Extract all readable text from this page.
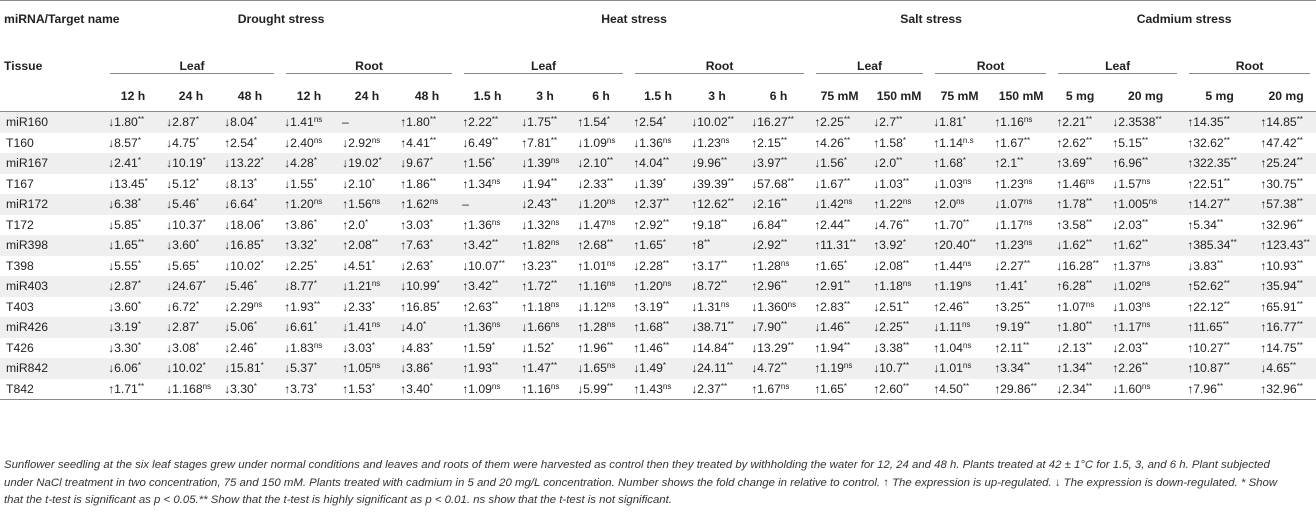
miRNA/Target name	Drought stress						Heat stress						Salt stress				Cadmium stress			
Tissue	Leaf			Root			Leaf			Root			Leaf		Root		Leaf		Root	

	12 h	24 h	48 h	12 h	24 h	48 h	1.5 h	3 h	6 h	1.5 h	3 h	6 h	75 mM	150 mM	75 mM	150 mM	5 mg	20 mg	5 mg	20 mg
miR160	↓1.80**	↓2.87*	↓8.04*	$↓1.41^{ns}$	–	↑1.80**	↑2.22**	↓1.75**	↑1.54*	↑2.54*	↓10.02**	↓16.27**	↑2.25**	↓2.7**	↓1.81*	$↑1.16^{ns}$	↑2.21**	↓2.3538**	↑14.35**	↑14.85**
T160	↓8.57*	↓4.75*	↑2.54*	$↓2.40^{ns}$	$↓2.92^{ns}$	↑4.41**	↓6.49**	↑7.81**	$↓1.09^{ns}$	$↓1.36^{ns}$	$↓1.23^{ns}$	↑2.15**	↑4.26**	↑1.58*	$↑1.14^{n.s}$	↑1.67**	↑2.62**	↑5.15**	↑32.62**	↑47.42**
miR167	↓2.41*	↓10.19*	↓13.22*	↓4.28*	↓19.02*	↓9.67*	↑1.56*	$↓1.39^{ns}$	↓2.10**	↑4.04**	↓9.96**	↓3.97**	↓1.56*	↓2.0**	↑1.68*	↑2.1**	↑3.69**	↑6.96**	↑322.35**	↑25.24**
T167	↓13.45*	↓5.12*	↓8.13*	↓1.55*	↓2.10*	↑1.86**	$↑1.34^{ns}$	↓1.94**	↓2.33**	↓1.39*	↓39.39**	↓57.68**	↓1.67**	↓1.03**	$↓1.03^{ns}$	$↑1.23^{ns}$	$↑1.46^{ns}$	$↓1.57^{ns}$	↑22.51**	↑30.75**
miR172	↓6.38*	↓5.46*	↓6.64*	$↑1.20^{ns}$	$↑1.56^{ns}$	$↑1.62^{ns}$	–	↓2.43**	$↓1.20^{ns}$	↑2.37**	↑12.62**	↓2.16**	$↓1.42^{ns}$	$↑1.22^{ns}$	$↑2.0^{ns}$	$↓1.07^{ns}$	↑1.78**	$↑1.005^{ns}$	↑14.27**	↑57.38**
T172	↓5.85*	↓10.37*	↓18.06*	↑3.86*	↑2.0*	↑3.03*	$↑1.36^{ns}$	$↓1.32^{ns}$	$↓1.47^{ns}$	↑2.92**	↑9.18**	↓6.84**	↑2.44**	↓4.76**	↑1.70**	$↓1.17^{ns}$	↑3.58**	↓2.03**	↑5.34**	↑32.96**
miR398	↓1.65**	↓3.60*	↓16.85*	↑3.32*	↑2.08**	↑7.63*	↑3.42**	$↑1.82^{ns}$	↑2.68**	↑1.65*	↑8**	↓2.92**	↑11.31**	↑3.92*	↑20.40**	$↑1.23^{ns}$	↓1.62**	↑1.62**	↑385.34**	↑123.43**
T398	↓5.55*	↓5.65*	↓10.02*	↓2.25*	↓4.51*	↓2.63*	↓10.07**	↑3.23**	$↑1.01^{ns}$	↓2.28**	↑3.17**	$↑1.28^{ns}$	↑1.65*	↓2.08**	$↑1.44^{ns}$	↓2.27**	↓16.28**	$↑1.37^{ns}$	↓3.83**	↑10.93**
miR403	↓2.87*	↓24.67*	↓5.46*	↓8.77*	$↓1.21^{ns}$	↓10.99*	↑3.42**	↑1.72**	$↑1.16^{ns}$	$↑1.20^{ns}$	↓8.72**	↑2.96**	↑2.91**	$↑1.18^{ns}$	$↑1.19^{ns}$	↑1.41*	↑6.28**	$↓1.02^{ns}$	↑52.62**	↑35.94**
T403	↓3.60*	↓6.72*	$↓2.29^{ns}$	↑1.93**	↓2.33*	↑16.85*	↑2.63**	$↑1.18^{ns}$	$↓1.12^{ns}$	↑3.19**	$↓1.31^{ns}$	$↓1.360^{ns}$	↑2.83**	↓2.51**	↑2.46**	↑3.25**	$↑1.07^{ns}$	$↓1.03^{ns}$	↑22.12**	↑65.91**
miR426	↓3.19*	↓2.87*	↓5.06*	↓6.61*	$↓1.41^{ns}$	↓4.0*	$↑1.36^{ns}$	$↓1.66^{ns}$	$↑1.28^{ns}$	↑1.68**	↓38.71**	↓7.90**	↓1.46**	↓2.25**	$↓1.11^{ns}$	↑9.19**	↑1.80**	$↑1.17^{ns}$	↑11.65**	↑16.77**
T426	↓3.30*	↓3.08*	↓2.46*	$↓1.83^{ns}$	↓3.03*	↓4.83*	↑1.59*	↓1.52*	↑1.96**	↑1.46**	↓14.84**	↓13.29**	↑1.94**	↓3.38**	$↑1.04^{ns}$	↑2.11**	↓2.13**	↓2.03**	↑10.27**	↑14.75**
miR842	↓6.06*	↓10.02*	↓15.81*	↓5.37*	$↑1.05^{ns}$	↓3.86*	↑1.93**	↑1.47**	$↓1.65^{ns}$	↓1.49*	↓24.11**	↓4.72**	$↑1.19^{ns}$	↓10.7**	$↓1.01^{ns}$	↑3.34**	↑1.34**	↑2.26**	↑10.87**	↓4.65**
T842	↑1.71**	$↓1.168^{ns}$	↓3.30*	↑3.73*	↑1.53*	↑3.40*	$↑1.09^{ns}$	$↑1.16^{ns}$	↓5.99**	$↑1.43^{ns}$	↓2.37**	$↑1.67^{ns}$	↑1.65*	↑2.60**	↑4.50**	↑29.86**	↓2.34**	$↓1.60^{ns}$	↑7.96**	↑32.96**
Sunflower seedling at the six leaf stages grew under normal conditions and leaves and roots of them were harvested as control then they treated by withholding the water for 12, 24 and 48 h. Plants treated at 42 ± 1°C for 1.5, 3, and 6 h. Plant subjected under NaCl treatment in two concentration, 75 and 150 mM. Plants treated with cadmium in 5 and 20 mg/L concentration. Number shows the fold change in relative to control. ↑ The expression is up-regulated. ↓ The expression is down-regulated. * Show that the t-test is significant as p < 0.05.** Show that the t-test is highly significant as p < 0.01. ns show that the t-test is not significant.
